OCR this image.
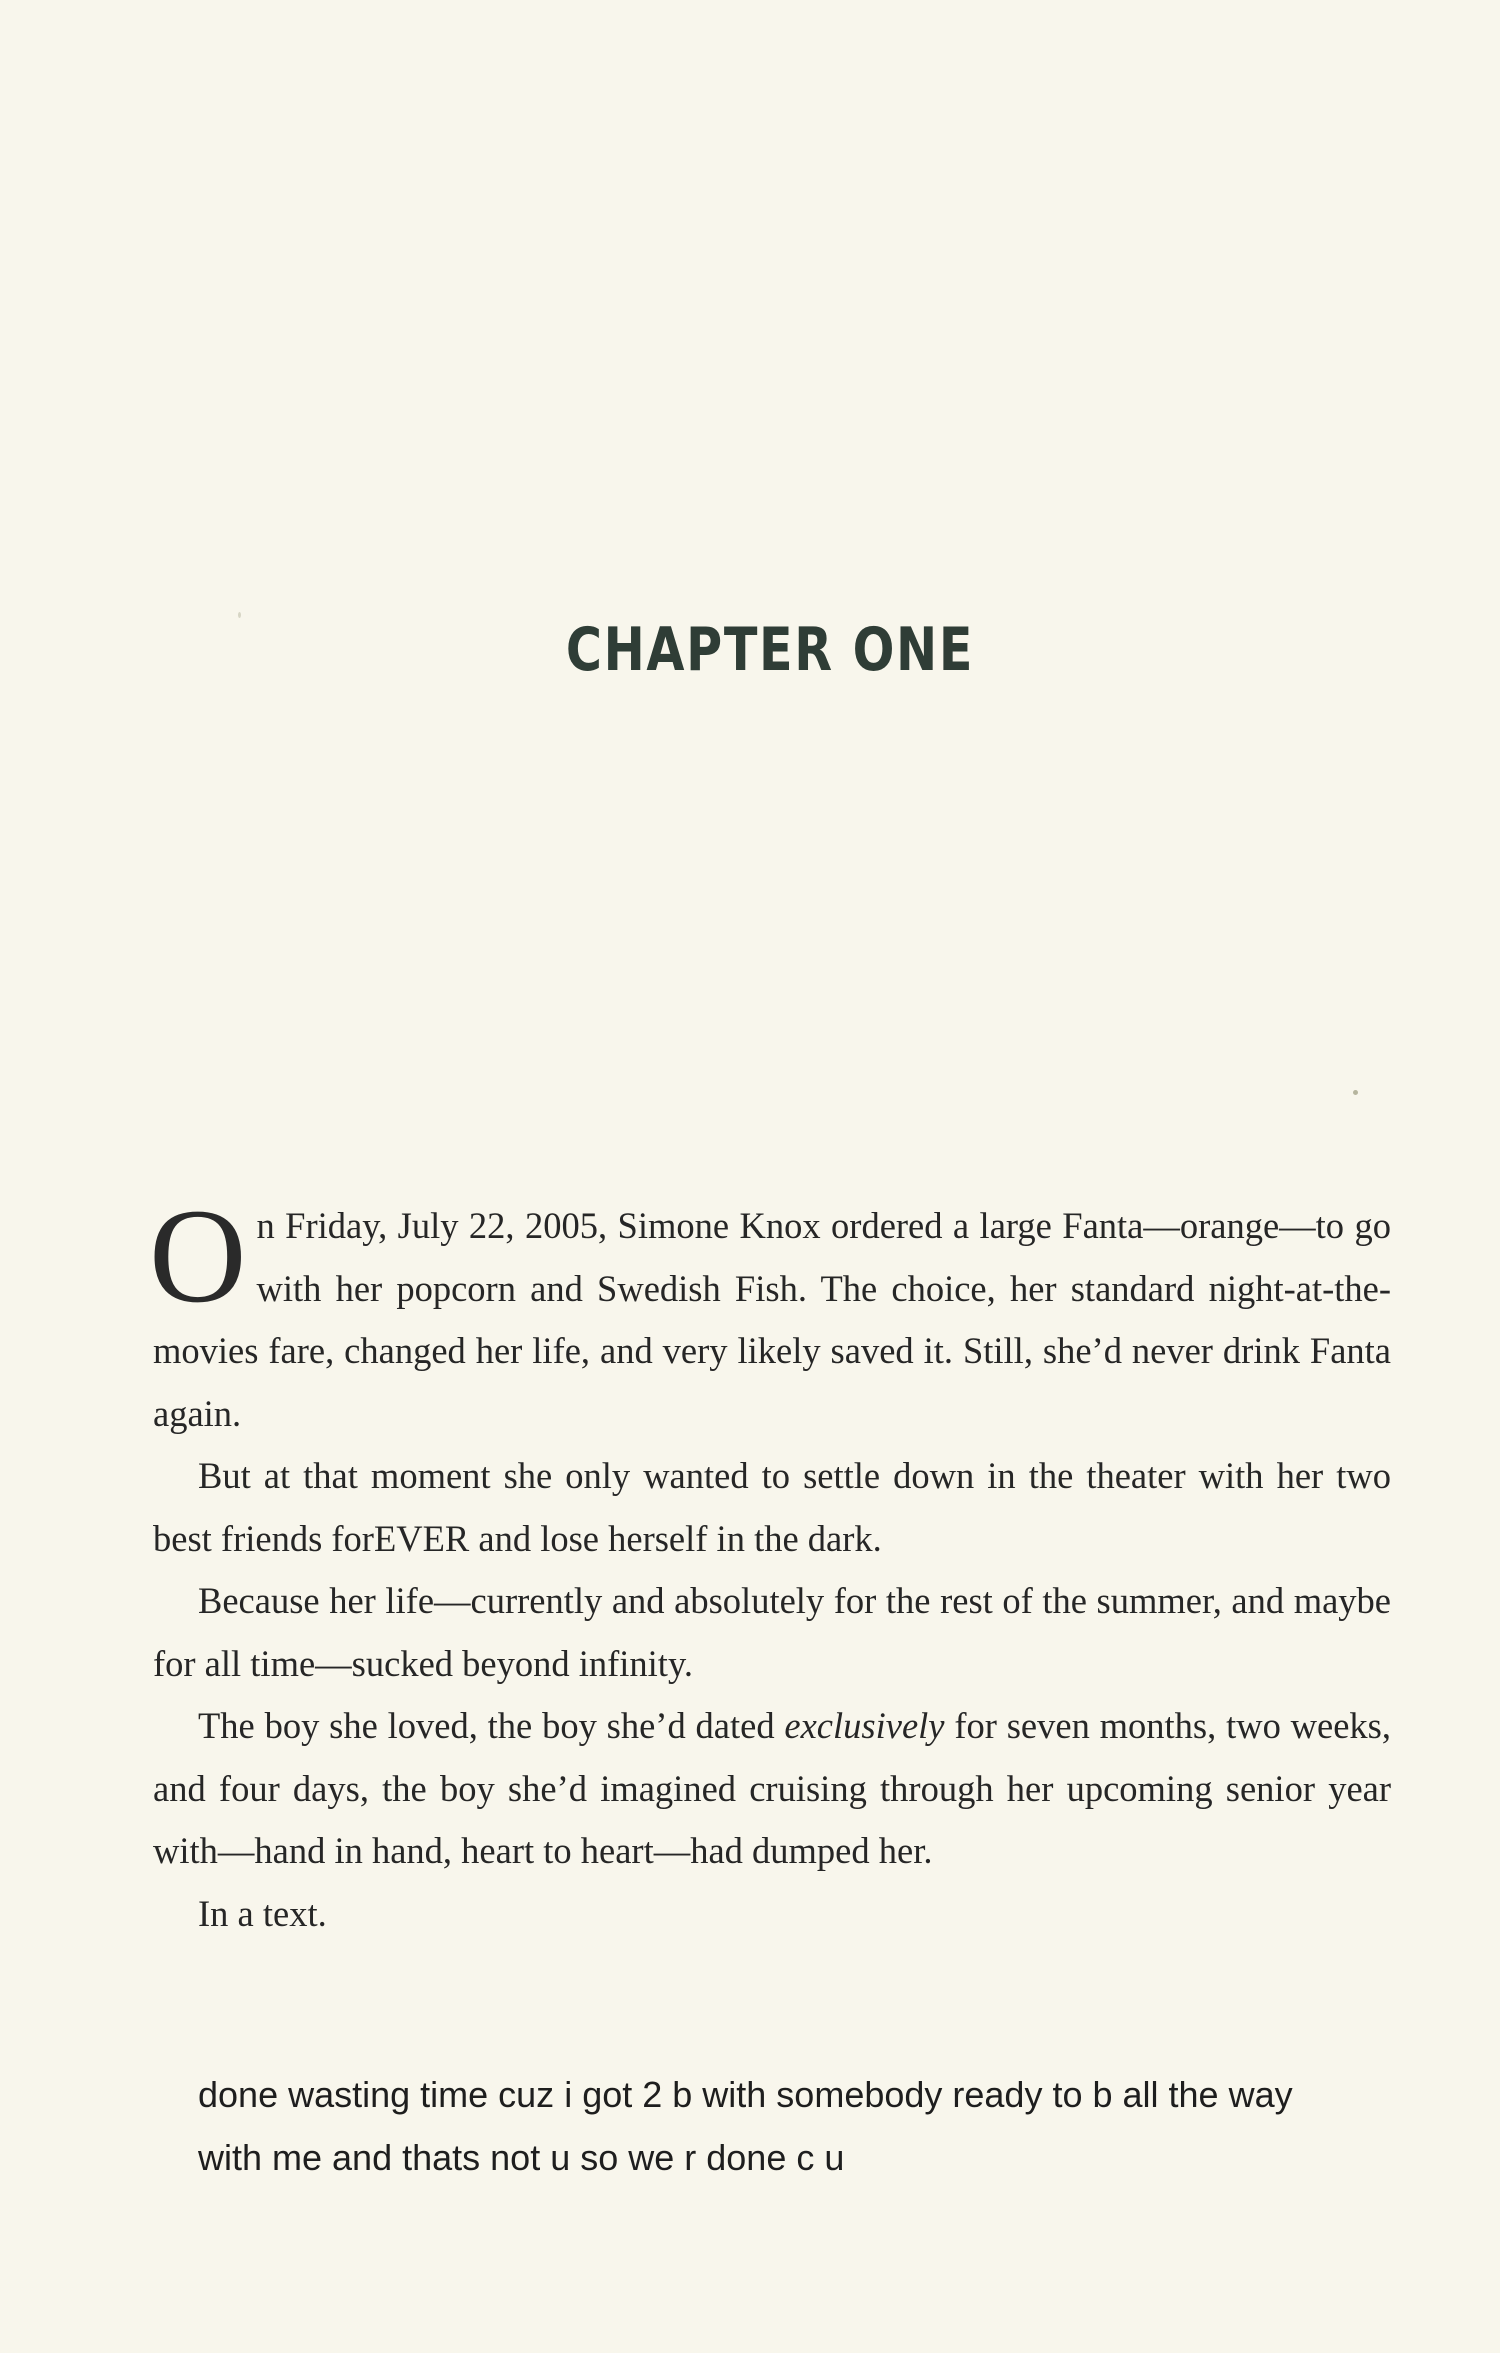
CHAPTER ONE

On Friday, July 22, 2005, Simone Knox ordered a large Fanta—orange—to go with her popcorn and Swedish Fish. The choice, her standard night-at-the-movies fare, changed her life, and very likely saved it. Still, she’d never drink Fanta again.

But at that moment she only wanted to settle down in the theater with her two best friends forEVER and lose herself in the dark.

Because her life—currently and absolutely for the rest of the summer, and maybe for all time—sucked beyond infinity.

The boy she loved, the boy she’d dated exclusively for seven months, two weeks, and four days, the boy she’d imagined cruising through her upcoming senior year with—hand in hand, heart to heart—had dumped her.

In a text.

done wasting time cuz i got 2 b with somebody ready to b all the way

with me and thats not u so we r done c u
